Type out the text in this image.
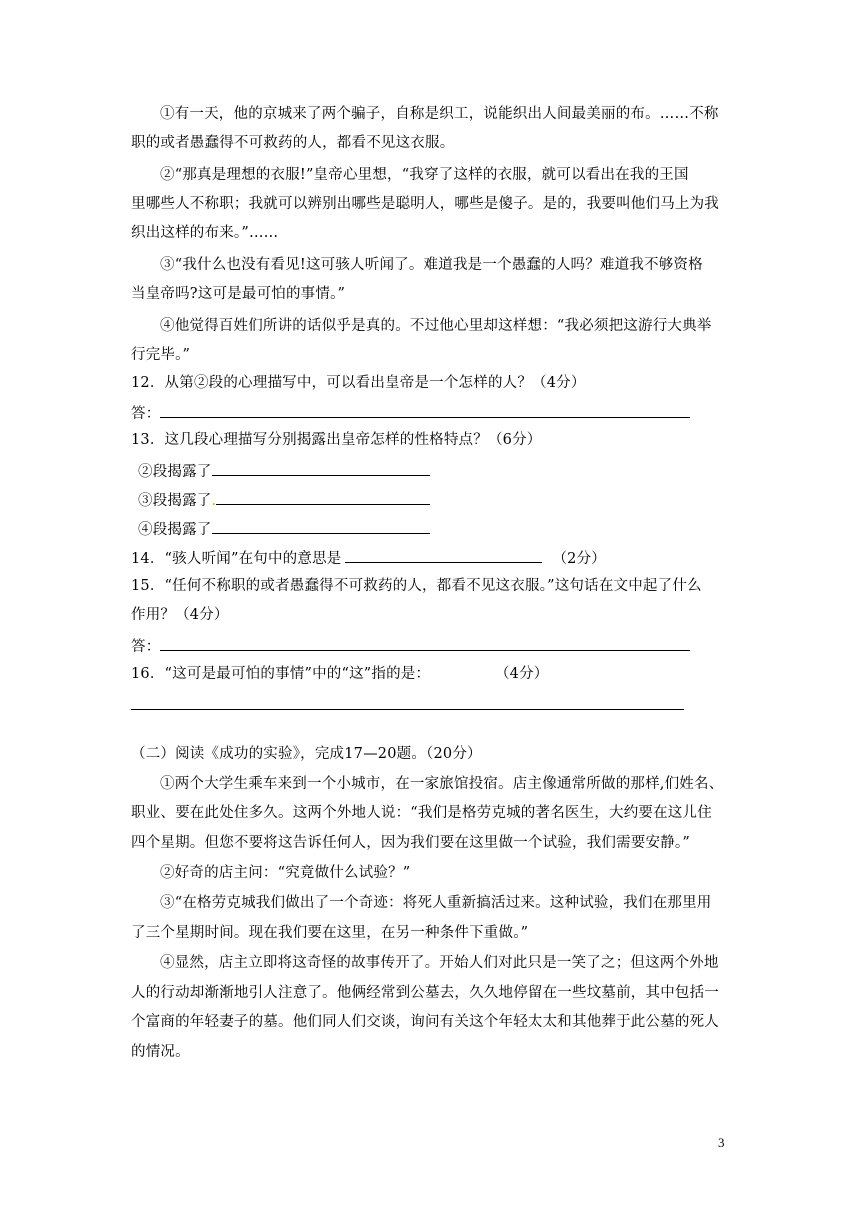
①有一天，他的京城来了两个骗子，自称是织工，说能织出人间最美丽的布。……不称
职的或者愚蠢得不可救药的人，都看不见这衣服。
②“那真是理想的衣服!”皇帝心里想，“我穿了这样的衣服，就可以看出在我的王国
里哪些人不称职；我就可以辨别出哪些是聪明人，哪些是傻子。是的，我要叫他们马上为我
织出这样的布来。”……
③“我什么也没有看见!这可骇人听闻了。难道我是一个愚蠢的人吗？难道我不够资格
当皇帝吗?这可是最可怕的事情。”
④他觉得百姓们所讲的话似乎是真的。不过他心里却这样想：“我必须把这游行大典举
行完毕。”
12．从第②段的心理描写中，可以看出皇帝是一个怎样的人？（4分）
答：
13．这几段心理描写分别揭露出皇帝怎样的性格特点？（6分）
②段揭露了
③段揭露了.
④段揭露了
14．“骇人听闻”在句中的意思是	（2分）
15．“任何不称职的或者愚蠢得不可救药的人，都看不见这衣服。”这句话在文中起了什么
作用？（4分）
答：
16．“这可是最可怕的事情”中的“这”指的是：	（4分）
（二）阅读《成功的实验》，完成17—20题。（20分）
①两个大学生乘车来到一个小城市，在一家旅馆投宿。店主像通常所做的那样,们姓名、
职业、要在此处住多久。这两个外地人说：“我们是格劳克城的著名医生，大约要在这儿住
四个星期。但您不要将这告诉任何人，因为我们要在这里做一个试验，我们需要安静。”
②好奇的店主问：“究竟做什么试验？”
③“在格劳克城我们做出了一个奇迹：将死人重新搞活过来。这种试验，我们在那里用
了三个星期时间。现在我们要在这里，在另一种条件下重做。”
④显然，店主立即将这奇怪的故事传开了。开始人们对此只是一笑了之；但这两个外地
人的行动却渐渐地引人注意了。他俩经常到公墓去，久久地停留在一些坟墓前，其中包括一
个富商的年轻妻子的墓。他们同人们交谈，询问有关这个年轻太太和其他葬于此公墓的死人
的情况。
3
